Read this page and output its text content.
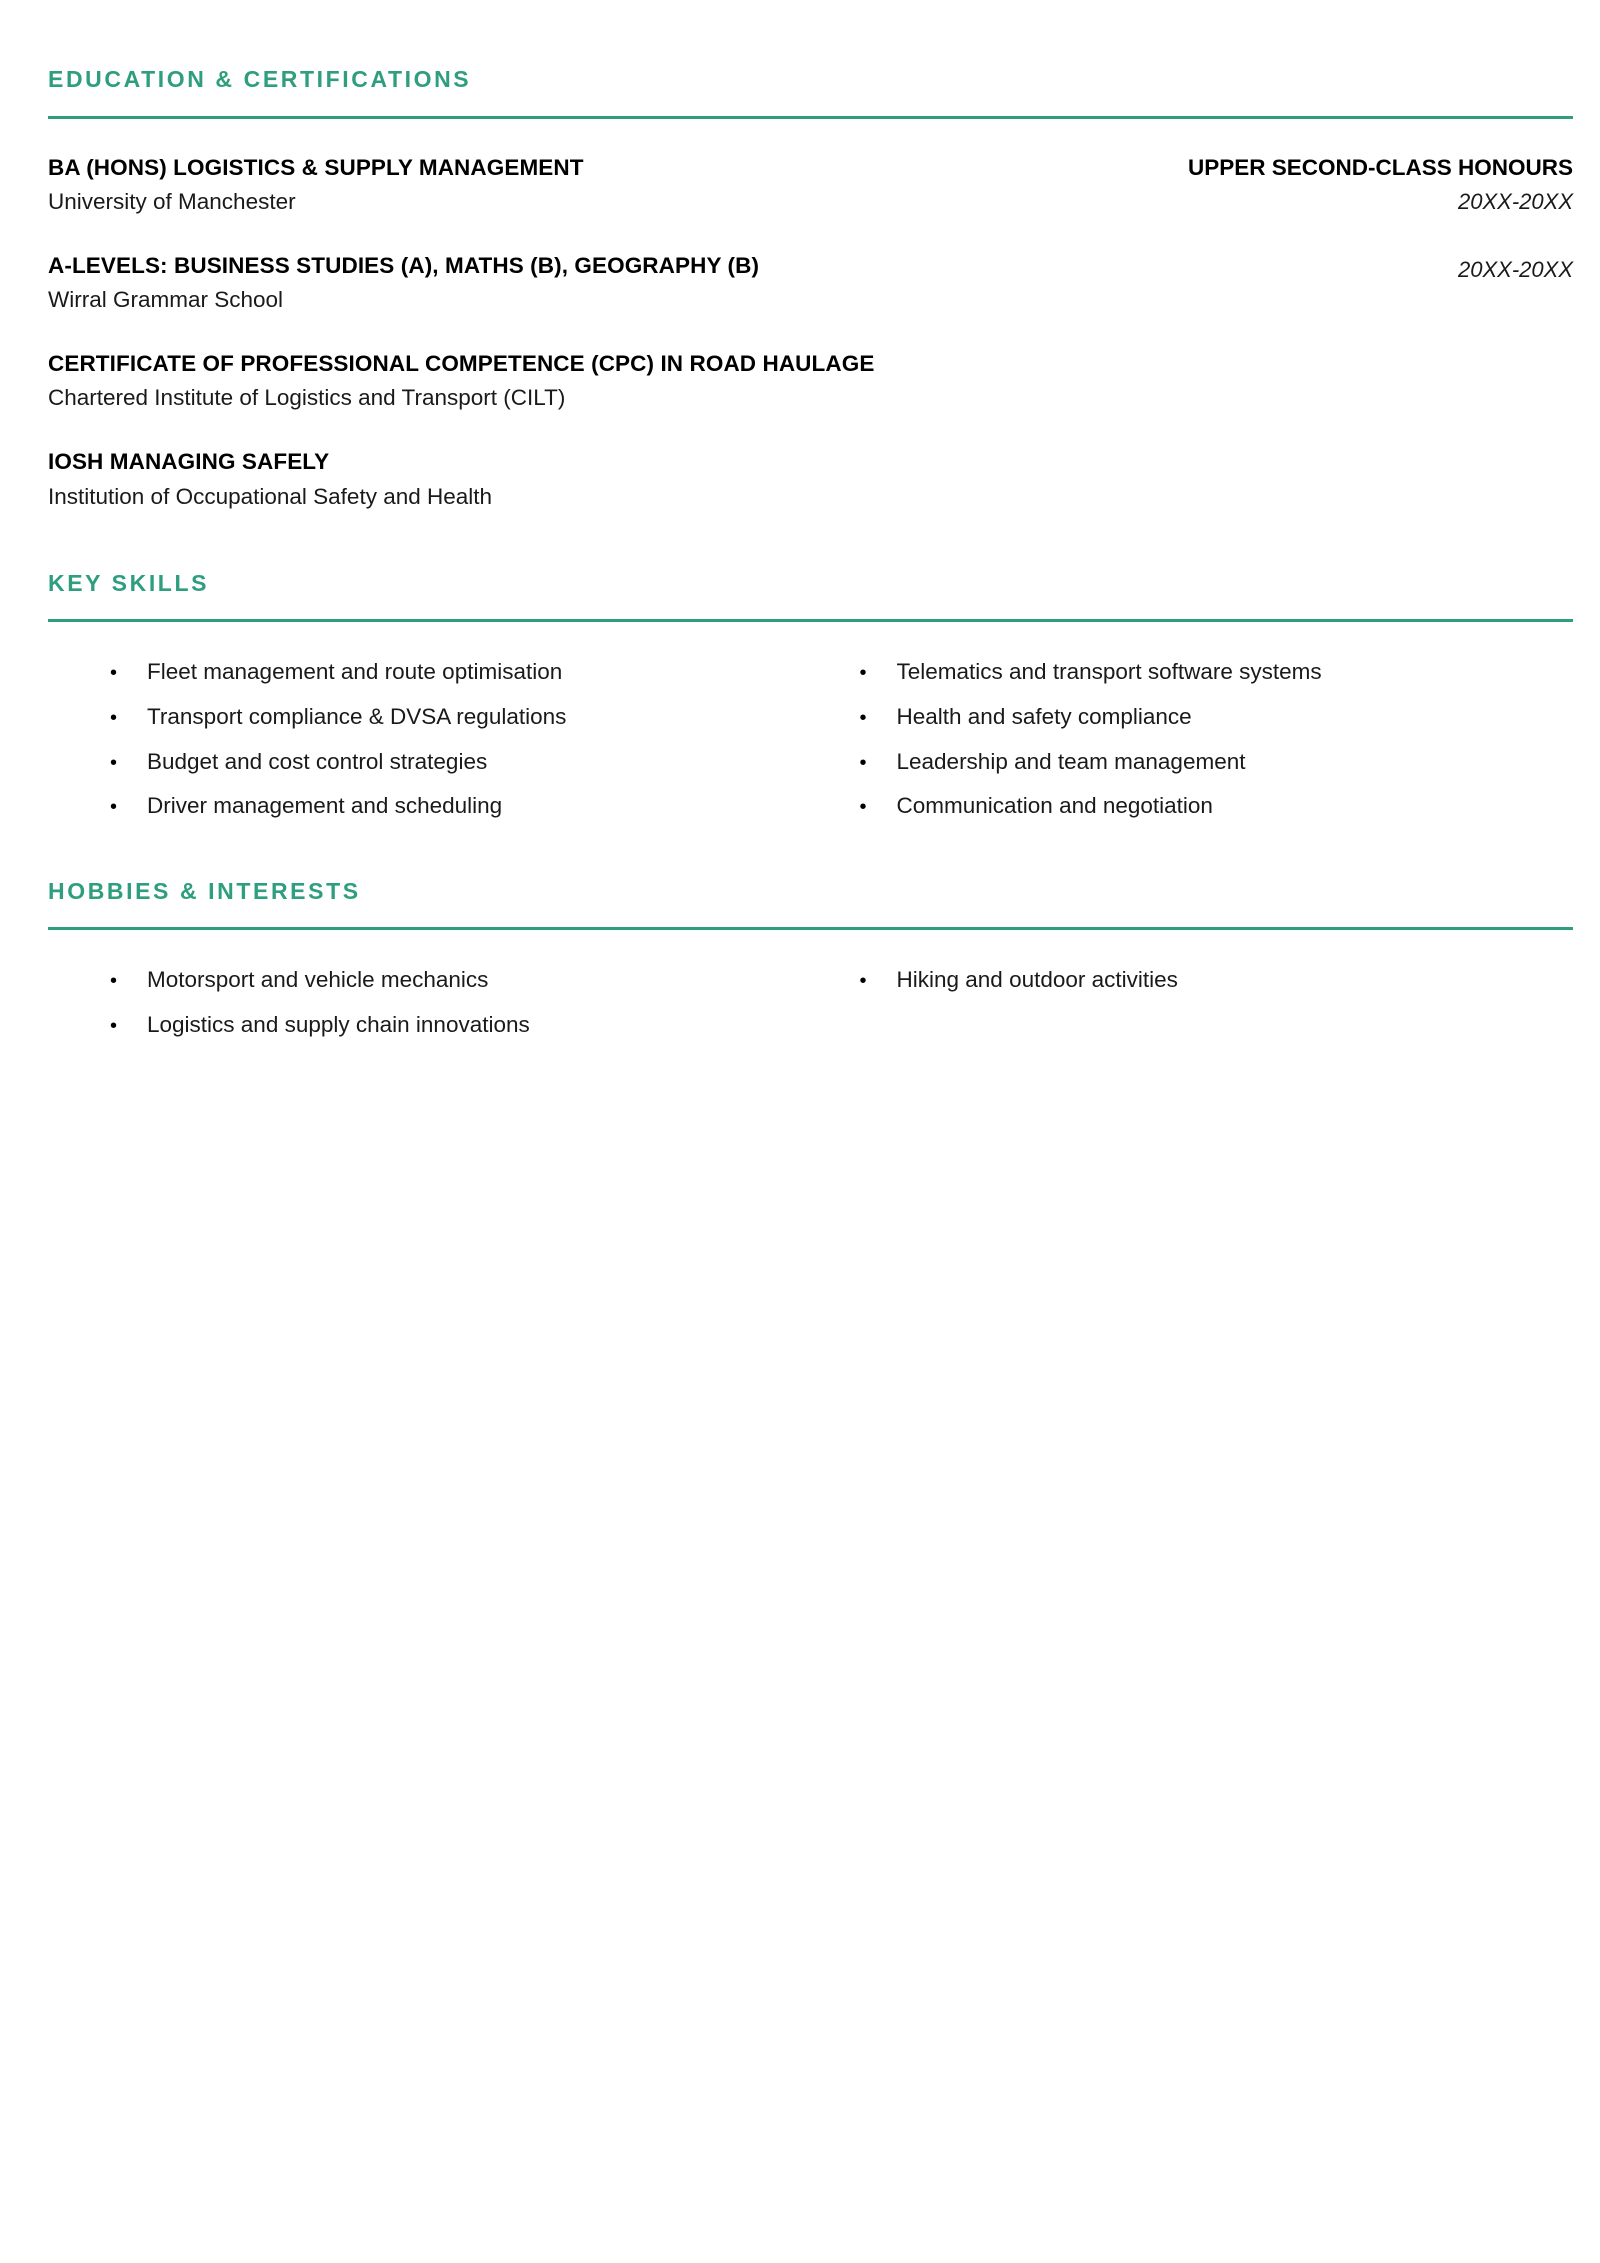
EDUCATION & CERTIFICATIONS
BA (HONS) LOGISTICS & SUPPLY MANAGEMENT
University of Manchester
UPPER SECOND-CLASS HONOURS
20XX-20XX
A-LEVELS: BUSINESS STUDIES (A), MATHS (B), GEOGRAPHY (B)
Wirral Grammar School
20XX-20XX
CERTIFICATE OF PROFESSIONAL COMPETENCE (CPC) IN ROAD HAULAGE
Chartered Institute of Logistics and Transport (CILT)
IOSH MANAGING SAFELY
Institution of Occupational Safety and Health
KEY SKILLS
•	Fleet management and route optimisation
•	Transport compliance & DVSA regulations
•	Budget and cost control strategies
•	Driver management and scheduling
•	Telematics and transport software systems
•	Health and safety compliance
•	Leadership and team management
•	Communication and negotiation
HOBBIES & INTERESTS
•	Motorsport and vehicle mechanics
•	Logistics and supply chain innovations
•	Hiking and outdoor activities
